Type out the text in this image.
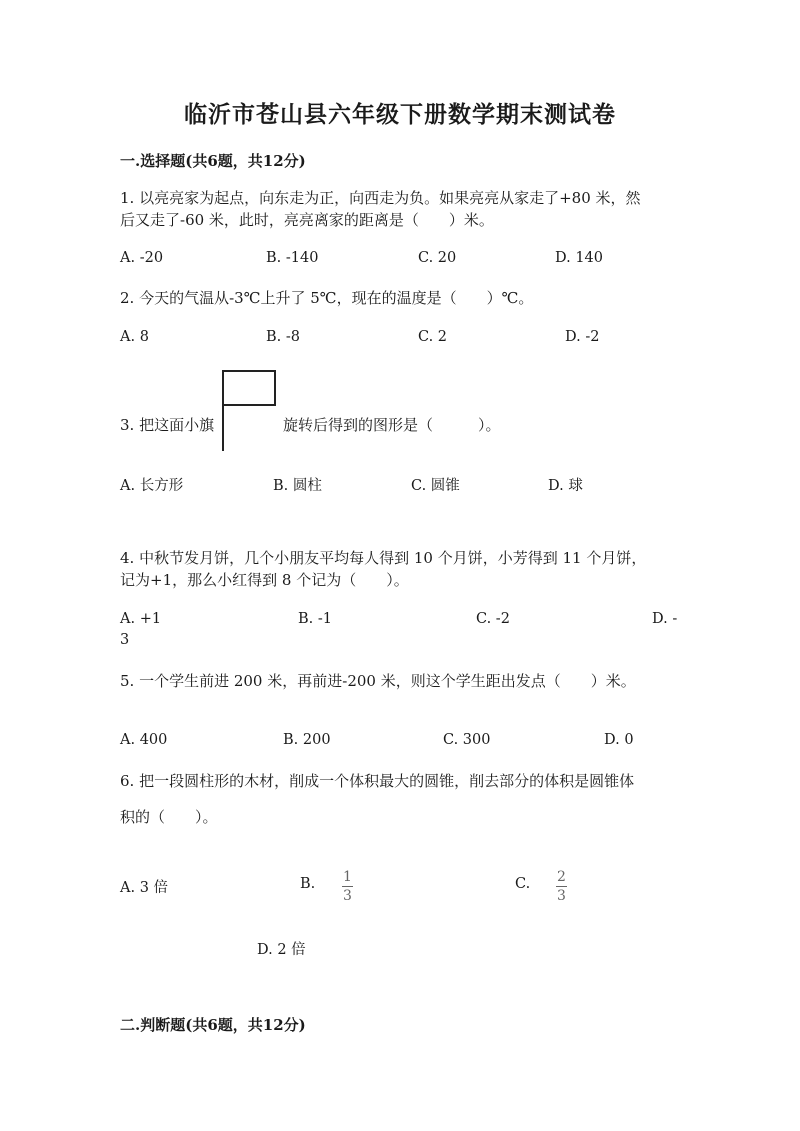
临沂市苍山县六年级下册数学期末测试卷
一.选择题(共6题，共12分)
1. 以亮亮家为起点，向东走为正，向西走为负。如果亮亮从家走了+80 米，然
后又走了-60 米，此时，亮亮离家的距离是（　　）米。
A. -20	B. -140	C. 20	D. 140
2. 今天的气温从-3℃上升了 5℃，现在的温度是（　　）℃。
A. 8	B. -8	C. 2	D. -2
3. 把这面小旗	旋转后得到的图形是（　　　）。
A. 长方形	B. 圆柱	C. 圆锥	D. 球
4. 中秋节发月饼，几个小朋友平均每人得到 10 个月饼，小芳得到 11 个月饼，
记为+1，那么小红得到 8 个记为（　　）。
A. +1	B. -1	C. -2	D. -
3
5. 一个学生前进 200 米，再前进-200 米，则这个学生距出发点（　　）米。
A. 400	B. 200	C. 300	D. 0
6. 把一段圆柱形的木材，削成一个体积最大的圆锥，削去部分的体积是圆锥体
积的（　　）。
A. 3 倍	B. 1
3
C. 2
3
D. 2 倍
二.判断题(共6题，共12分)
